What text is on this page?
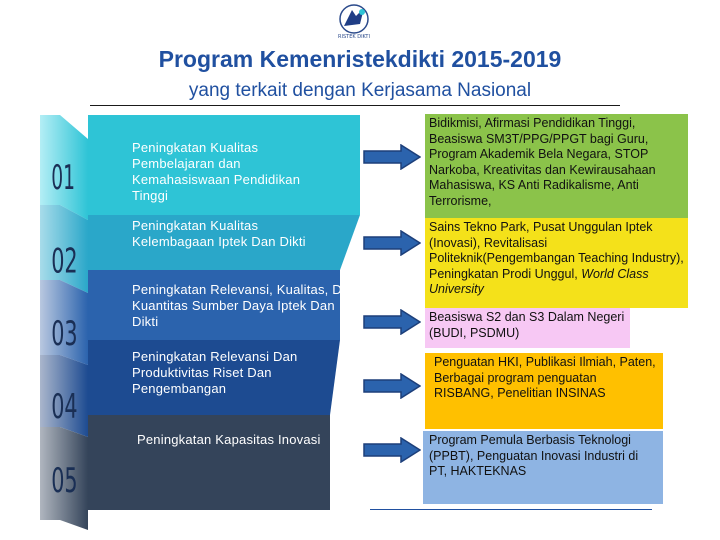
RISTEK DIKTI
Program Kemenristekdikti 2015-2019
yang terkait dengan Kerjasama Nasional
01
02
03
04
05
Peningkatan Kualitas Pembelajaran dan Kemahasiswaan Pendidikan Tinggi
Peningkatan Kualitas Kelembagaan Iptek Dan Dikti
Peningkatan Relevansi, Kualitas, Dan Kuantitas Sumber Daya Iptek Dan Dikti
Peningkatan Relevansi Dan Produktivitas Riset Dan Pengembangan
Peningkatan Kapasitas Inovasi
Bidikmisi, Afirmasi Pendidikan Tinggi, Beasiswa SM3T/PPG/PPGT bagi Guru, Program Akademik Bela Negara, STOP Narkoba, Kreativitas dan Kewirausahaan Mahasiswa, KS Anti Radikalisme, Anti Terrorisme,
Sains Tekno Park, Pusat Unggulan Iptek (Inovasi), Revitalisasi Politeknik(Pengembangan Teaching Industry), Peningkatan Prodi Unggul, World Class University
Beasiswa S2 dan S3 Dalam Negeri (BUDI, PSDMU)
Penguatan HKI, Publikasi Ilmiah, Paten, Berbagai program penguatan RISBANG, Penelitian INSINAS
Program Pemula Berbasis Teknologi (PPBT), Penguatan Inovasi Industri di PT, HAKTEKNAS
